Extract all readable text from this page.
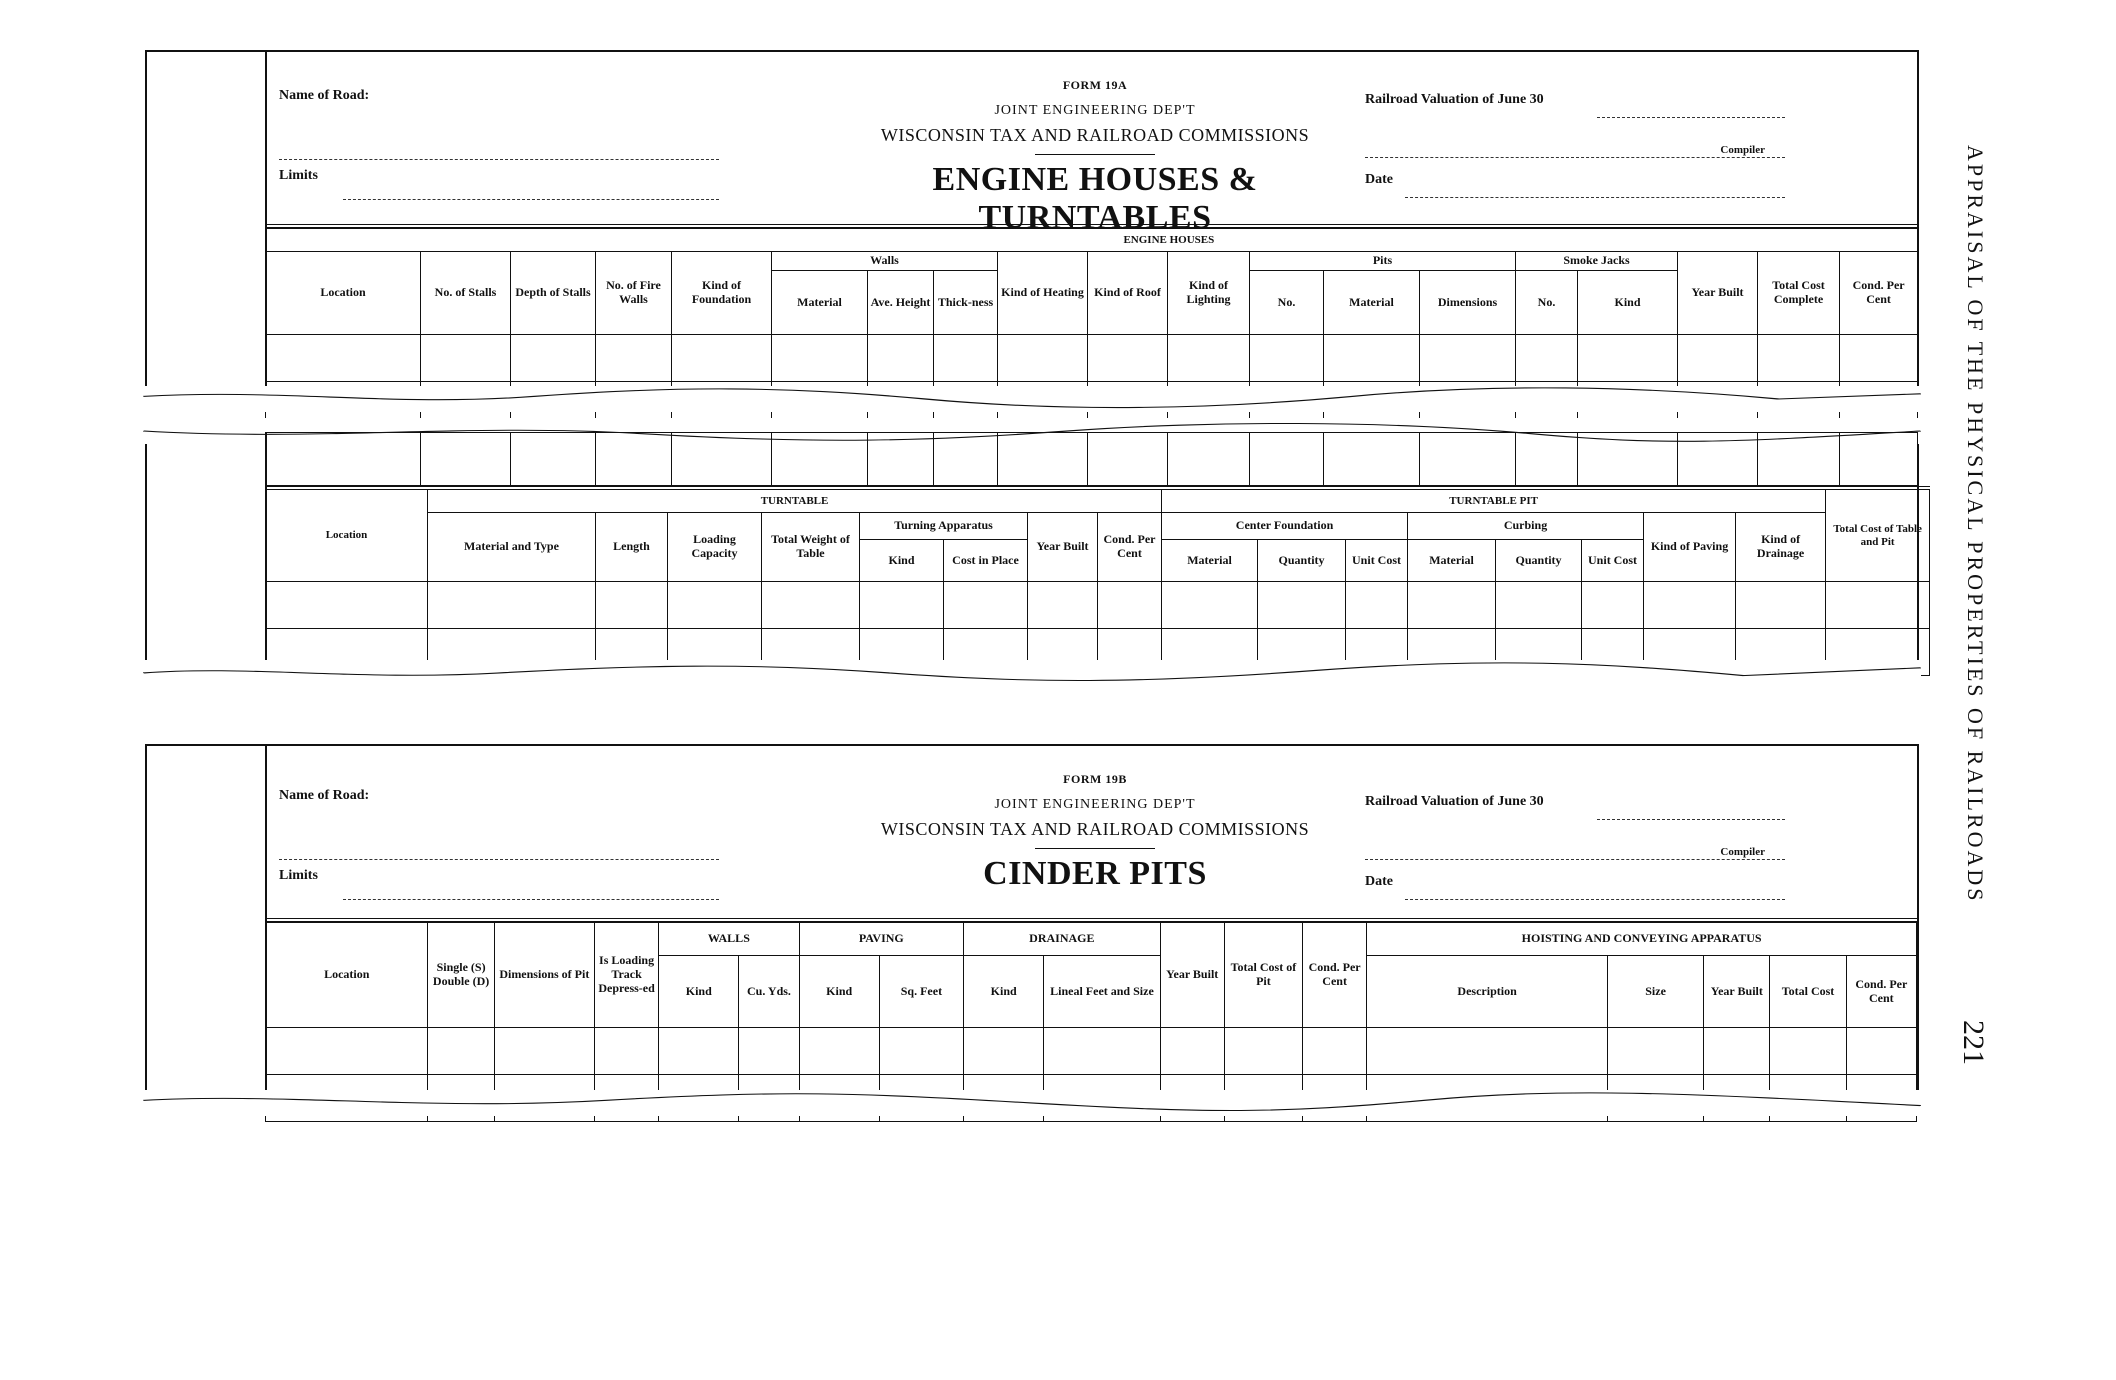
Name of Road:
Limits
FORM 19A
JOINT ENGINEERING DEP'T
WISCONSIN TAX AND RAILROAD COMMISSIONS
ENGINE HOUSES & TURNTABLES
Railroad Valuation of June 30
Compiler
Date
	ENGINE HOUSES																	
Location	No. of Stalls	Depth of Stalls	No. of Fire Walls	Kind of Foundation	Walls			Kind of Heating	Kind of Roof	Kind of Lighting	Pits			Smoke Jacks		Year Built	Total Cost Complete	Cond. Per Cent
					Material	Ave. Height	Thick-ness				No.	Material	Dimensions	No.	Kind			

Location	TURNTABLE								TURNTABLE PIT								Total Cost of Table and Pit
	Material and Type	Length	Loading Capacity	Total Weight of Table	Turning Apparatus		Year Built	Cond. Per Cent	Center Foundation			Curbing			Kind of Paving	Kind of Drainage	
					Kind	Cost in Place			Material	Quantity	Unit Cost	Material	Quantity	Unit Cost			

Name of Road:
Limits
FORM 19B
JOINT ENGINEERING DEP'T
WISCONSIN TAX AND RAILROAD COMMISSIONS
CINDER PITS
Railroad Valuation of June 30
Compiler
Date
Location	Single (S) Double (D)	Dimensions of Pit	Is Loading Track Depress-ed	WALLS		PAVING		DRAINAGE		Year Built	Total Cost of Pit	Cond. Per Cent	HOISTING AND CONVEYING APPARATUS				
				Kind	Cu. Yds.	Kind	Sq. Feet	Kind	Lineal Feet and Size				Description	Size	Year Built	Total Cost	Cond. Per Cent

APPRAISAL OF THE PHYSICAL PROPERTIES OF RAILROADS
221
